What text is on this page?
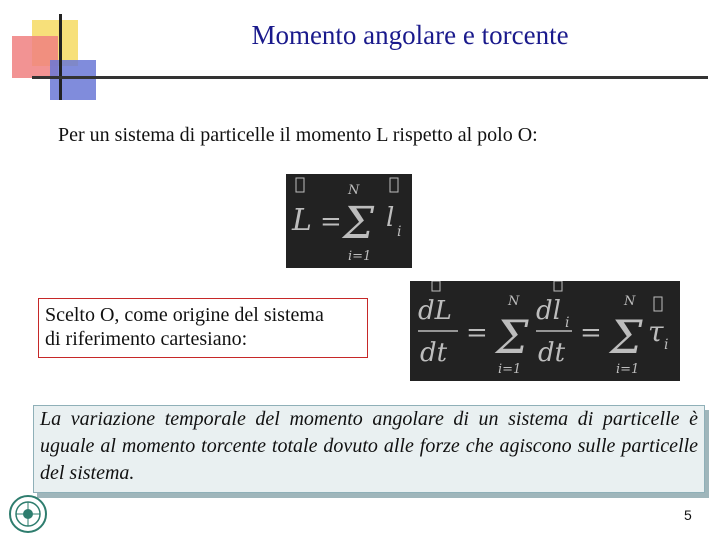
Momento angolare e torcente
Per un sistema di particelle il momento L rispetto al polo O:
L =
N
Σ
i=1
l i
Scelto O, come origine del sistema
di riferimento cartesiano:
dL
dt
=
N
Σ
i=1
dl i
dt
=
N
Σ
i=1
τ i
La variazione temporale del momento angolare di un sistema di particelle è uguale al momento torcente totale dovuto alle forze che agiscono sulle particelle del sistema.
5
